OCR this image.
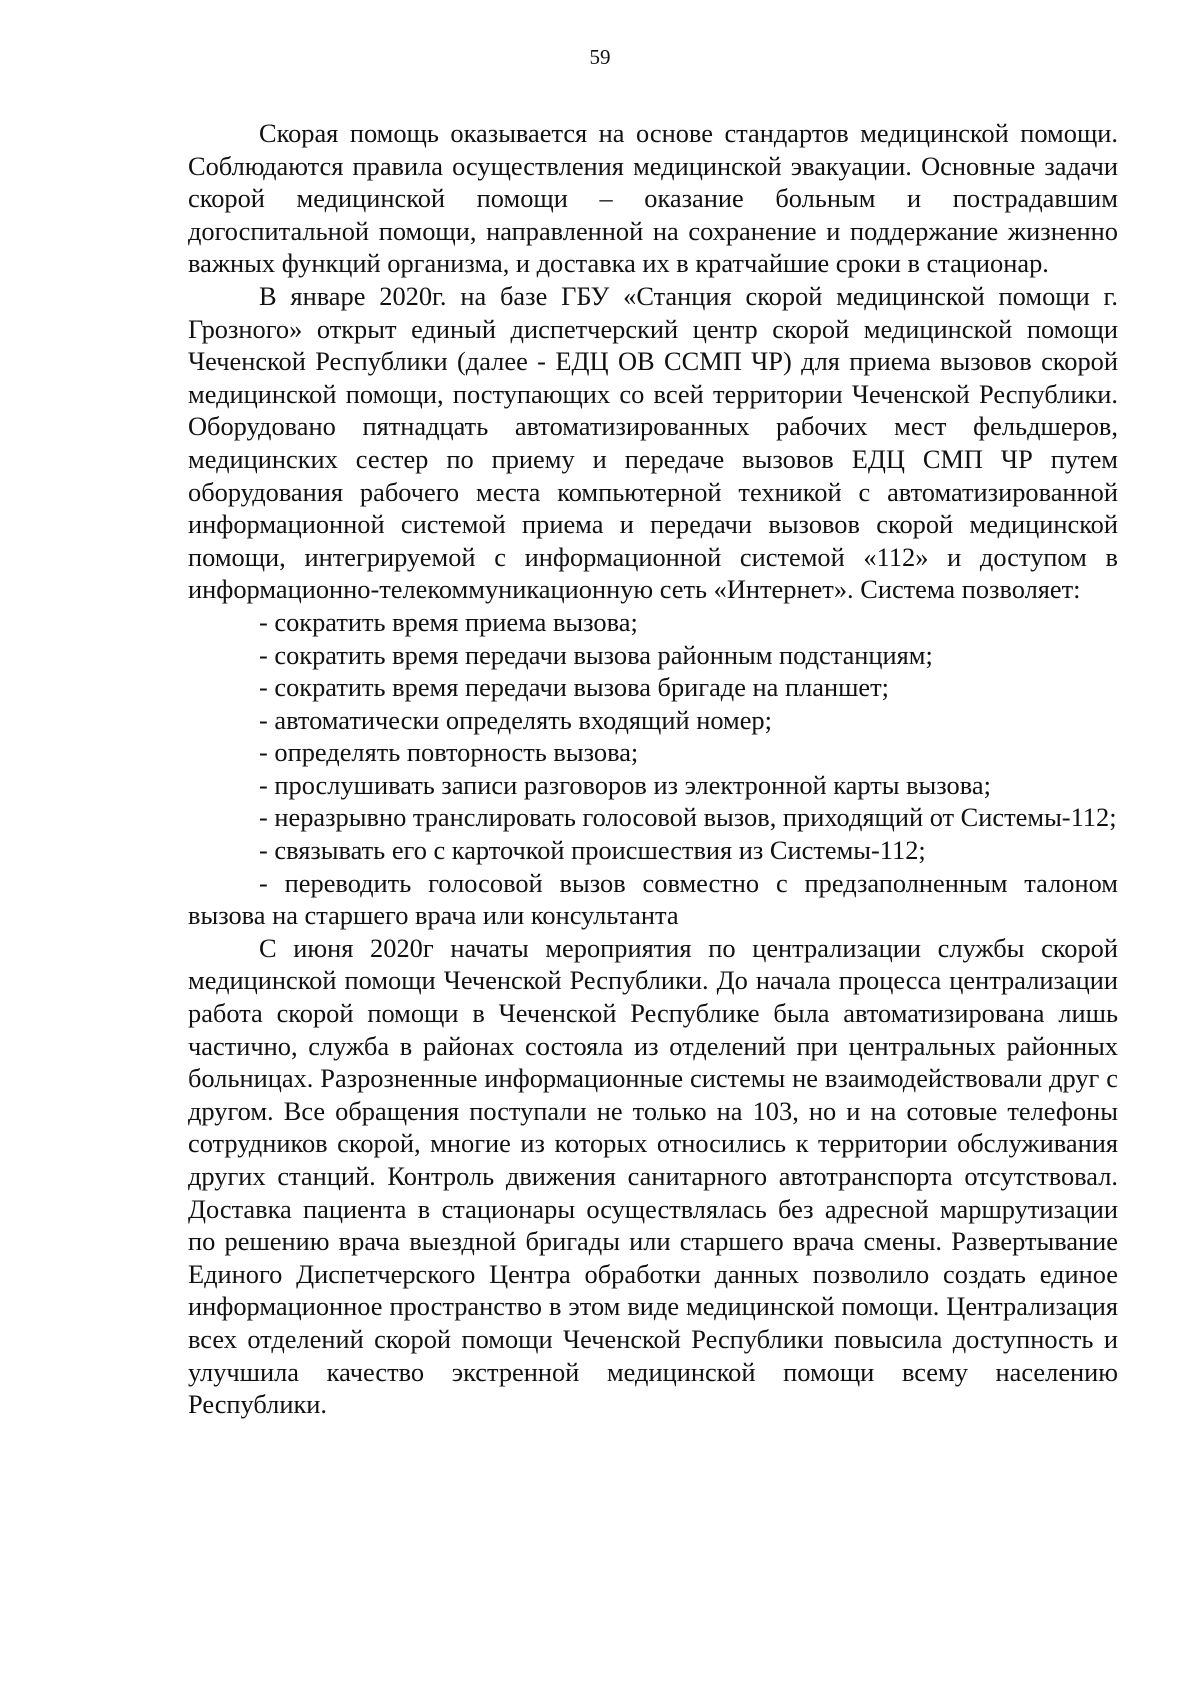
59

Скорая помощь оказывается на основе стандартов медицинской помощи. Соблюдаются правила осуществления медицинской эвакуации. Основные задачи скорой медицинской помощи – оказание больным и пострадавшим догоспитальной помощи, направленной на сохранение и поддержание жизненно важных функций организма, и доставка их в кратчайшие сроки в стационар.

В январе 2020г. на базе ГБУ «Станция скорой медицинской помощи г. Грозного» открыт единый диспетчерский центр скорой медицинской помощи Чеченской Республики (далее - ЕДЦ ОВ ССМП ЧР) для приема вызовов скорой медицинской помощи, поступающих со всей территории Чеченской Республики. Оборудовано пятнадцать автоматизированных рабочих мест фельдшеров, медицинских сестер по приему и передаче вызовов ЕДЦ СМП ЧР путем оборудования рабочего места компьютерной техникой с автоматизированной информационной системой приема и передачи вызовов скорой медицинской помощи, интегрируемой с информационной системой «112» и доступом в информационно-телекоммуникационную сеть «Интернет». Система позволяет:

- сократить время приема вызова;

- сократить время передачи вызова районным подстанциям;

- сократить время передачи вызова бригаде на планшет;

- автоматически определять входящий номер;

- определять повторность вызова;

- прослушивать записи разговоров из электронной карты вызова;

- неразрывно транслировать голосовой вызов, приходящий от Системы-112;

- связывать его с карточкой происшествия из Системы-112;

- переводить голосовой вызов совместно с предзаполненным талоном вызова на старшего врача или консультанта

С июня 2020г начаты мероприятия по централизации службы скорой медицинской помощи Чеченской Республики. До начала процесса централизации работа скорой помощи в Чеченской Республике была автоматизирована лишь частично, служба в районах состояла из отделений при центральных районных больницах. Разрозненные информационные системы не взаимодействовали друг с другом. Все обращения поступали не только на 103, но и на сотовые телефоны сотрудников скорой, многие из которых относились к территории обслуживания других станций. Контроль движения санитарного автотранспорта отсутствовал. Доставка пациента в стационары осуществлялась без адресной маршрутизации по решению врача выездной бригады или старшего врача смены. Развертывание Единого Диспетчерского Центра обработки данных позволило создать единое информационное пространство в этом виде медицинской помощи. Централизация всех отделений скорой помощи Чеченской Республики повысила доступность и улучшила качество экстренной медицинской помощи всему населению Республики.
